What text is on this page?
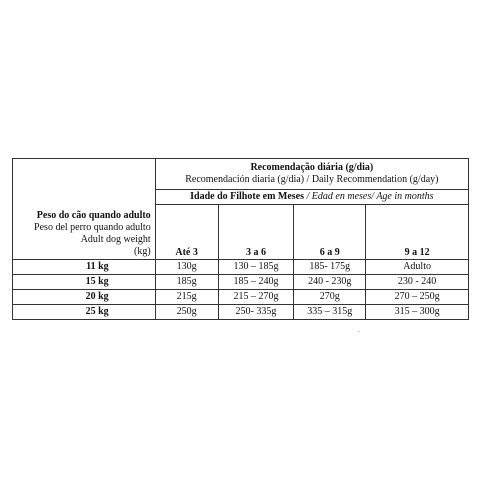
Peso do cão quando adulto
Peso del perro quando adulto
Adult dog weight
(kg)	Recomendação diária (g/dia)
Recomendación diaria (g/dia) / Daily Recommendation (g/day)			

	Idade do Filhote em Meses / Edad en meses/ Age in months			
	Até 3	3 a 6	6 a 9	9 a 12
11 kg	130g	130 – 185g	185- 175g	Adulto
15 kg	185g	185 – 240g	240 - 230g	230 - 240
20 kg	215g	215 – 270g	270g	270 – 250g
25 kg	250g	250- 335g	335 – 315g	315 – 300g
.
